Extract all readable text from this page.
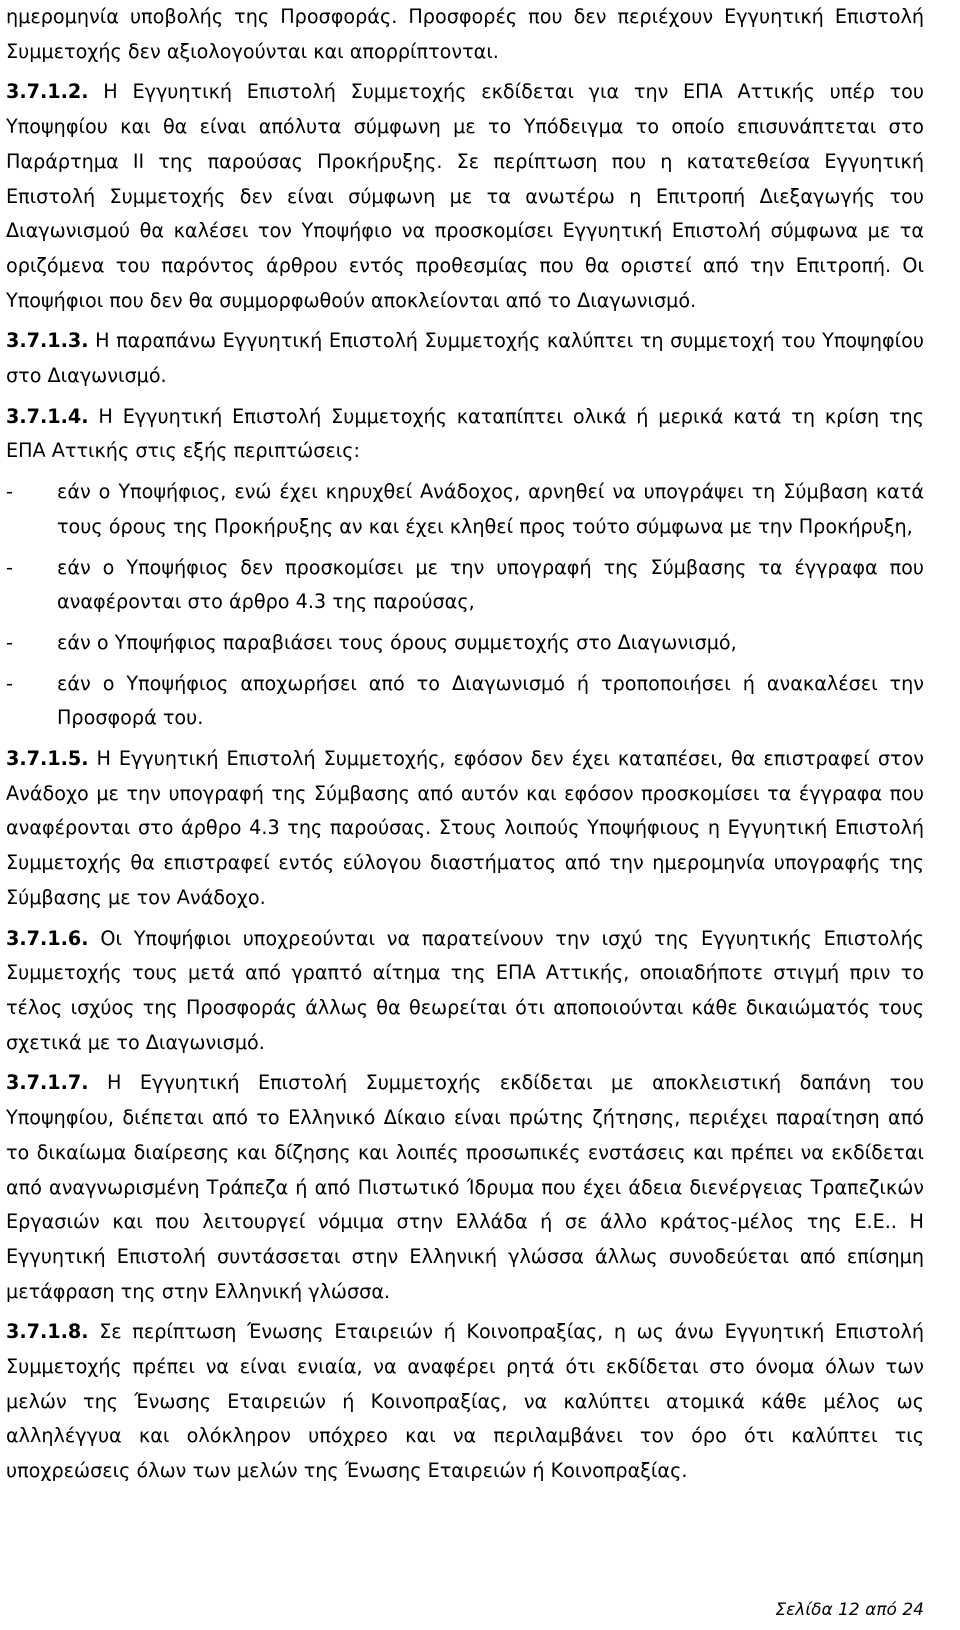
ημερομηνία υποβολής της Προσφοράς. Προσφορές που δεν περιέχουν Εγγυητική Επιστολή Συμμετοχής δεν αξιολογούνται και απορρίπτονται.

3.7.1.2. Η Εγγυητική Επιστολή Συμμετοχής εκδίδεται για την ΕΠΑ Αττικής υπέρ του Υποψηφίου και θα είναι απόλυτα σύμφωνη με το Υπόδειγμα το οποίο επισυνάπτεται στο Παράρτημα ΙΙ της παρούσας Προκήρυξης. Σε περίπτωση που η κατατεθείσα Εγγυητική Επιστολή Συμμετοχής δεν είναι σύμφωνη με τα ανωτέρω η Επιτροπή Διεξαγωγής του Διαγωνισμού θα καλέσει τον Υποψήφιο να προσκομίσει Εγγυητική Επιστολή σύμφωνα με τα οριζόμενα του παρόντος άρθρου εντός προθεσμίας που θα οριστεί από την Επιτροπή. Οι Υποψήφιοι που δεν θα συμμορφωθούν αποκλείονται από το Διαγωνισμό.

3.7.1.3. Η παραπάνω Εγγυητική Επιστολή Συμμετοχής καλύπτει τη συμμετοχή του Υποψηφίου στο Διαγωνισμό.

3.7.1.4. Η Εγγυητική Επιστολή Συμμετοχής καταπίπτει ολικά ή μερικά κατά τη κρίση της ΕΠΑ Αττικής στις εξής περιπτώσεις:

-	εάν ο Υποψήφιος, ενώ έχει κηρυχθεί Ανάδοχος, αρνηθεί να υπογράψει τη Σύμβαση κατά τους όρους της Προκήρυξης αν και έχει κληθεί προς τούτο σύμφωνα με την Προκήρυξη,
-	εάν ο Υποψήφιος δεν προσκομίσει με την υπογραφή της Σύμβασης τα έγγραφα που αναφέρονται στο άρθρο 4.3 της παρούσας,
-	εάν ο Υποψήφιος παραβιάσει τους όρους συμμετοχής στο Διαγωνισμό,
-	εάν ο Υποψήφιος αποχωρήσει από το Διαγωνισμό ή τροποποιήσει ή ανακαλέσει την Προσφορά του.

3.7.1.5. Η Εγγυητική Επιστολή Συμμετοχής, εφόσον δεν έχει καταπέσει, θα επιστραφεί στον Ανάδοχο με την υπογραφή της Σύμβασης από αυτόν και εφόσον προσκομίσει τα έγγραφα που αναφέρονται στο άρθρο 4.3 της παρούσας. Στους λοιπούς Υποψήφιους η Εγγυητική Επιστολή Συμμετοχής θα επιστραφεί εντός εύλογου διαστήματος από την ημερομηνία υπογραφής της Σύμβασης με τον Ανάδοχο.

3.7.1.6. Οι Υποψήφιοι υποχρεούνται να παρατείνουν την ισχύ της Εγγυητικής Επιστολής Συμμετοχής τους μετά από γραπτό αίτημα της ΕΠΑ Αττικής, οποιαδήποτε στιγμή πριν το τέλος ισχύος της Προσφοράς άλλως θα θεωρείται ότι αποποιούνται κάθε δικαιώματός τους σχετικά με το Διαγωνισμό.

3.7.1.7. Η Εγγυητική Επιστολή Συμμετοχής εκδίδεται με αποκλειστική δαπάνη του Υποψηφίου, διέπεται από το Ελληνικό Δίκαιο είναι πρώτης ζήτησης, περιέχει παραίτηση από το δικαίωμα διαίρεσης και δίζησης και λοιπές προσωπικές ενστάσεις και πρέπει να εκδίδεται από αναγνωρισμένη Τράπεζα ή από Πιστωτικό Ίδρυμα που έχει άδεια διενέργειας Τραπεζικών Εργασιών και που λειτουργεί νόμιμα στην Ελλάδα ή σε άλλο κράτος-μέλος της Ε.Ε.. Η Εγγυητική Επιστολή συντάσσεται στην Ελληνική γλώσσα άλλως συνοδεύεται από επίσημη μετάφραση της στην Ελληνική γλώσσα.

3.7.1.8. Σε περίπτωση Ένωσης Εταιρειών ή Κοινοπραξίας, η ως άνω Εγγυητική Επιστολή Συμμετοχής πρέπει να είναι ενιαία, να αναφέρει ρητά ότι εκδίδεται στο όνομα όλων των μελών της Ένωσης Εταιρειών ή Κοινοπραξίας, να καλύπτει ατομικά κάθε μέλος ως αλληλέγγυα και ολόκληρον υπόχρεο και να περιλαμβάνει τον όρο ότι καλύπτει τις υποχρεώσεις όλων των μελών της Ένωσης Εταιρειών ή Κοινοπραξίας.

Σελίδα 12 από 24
